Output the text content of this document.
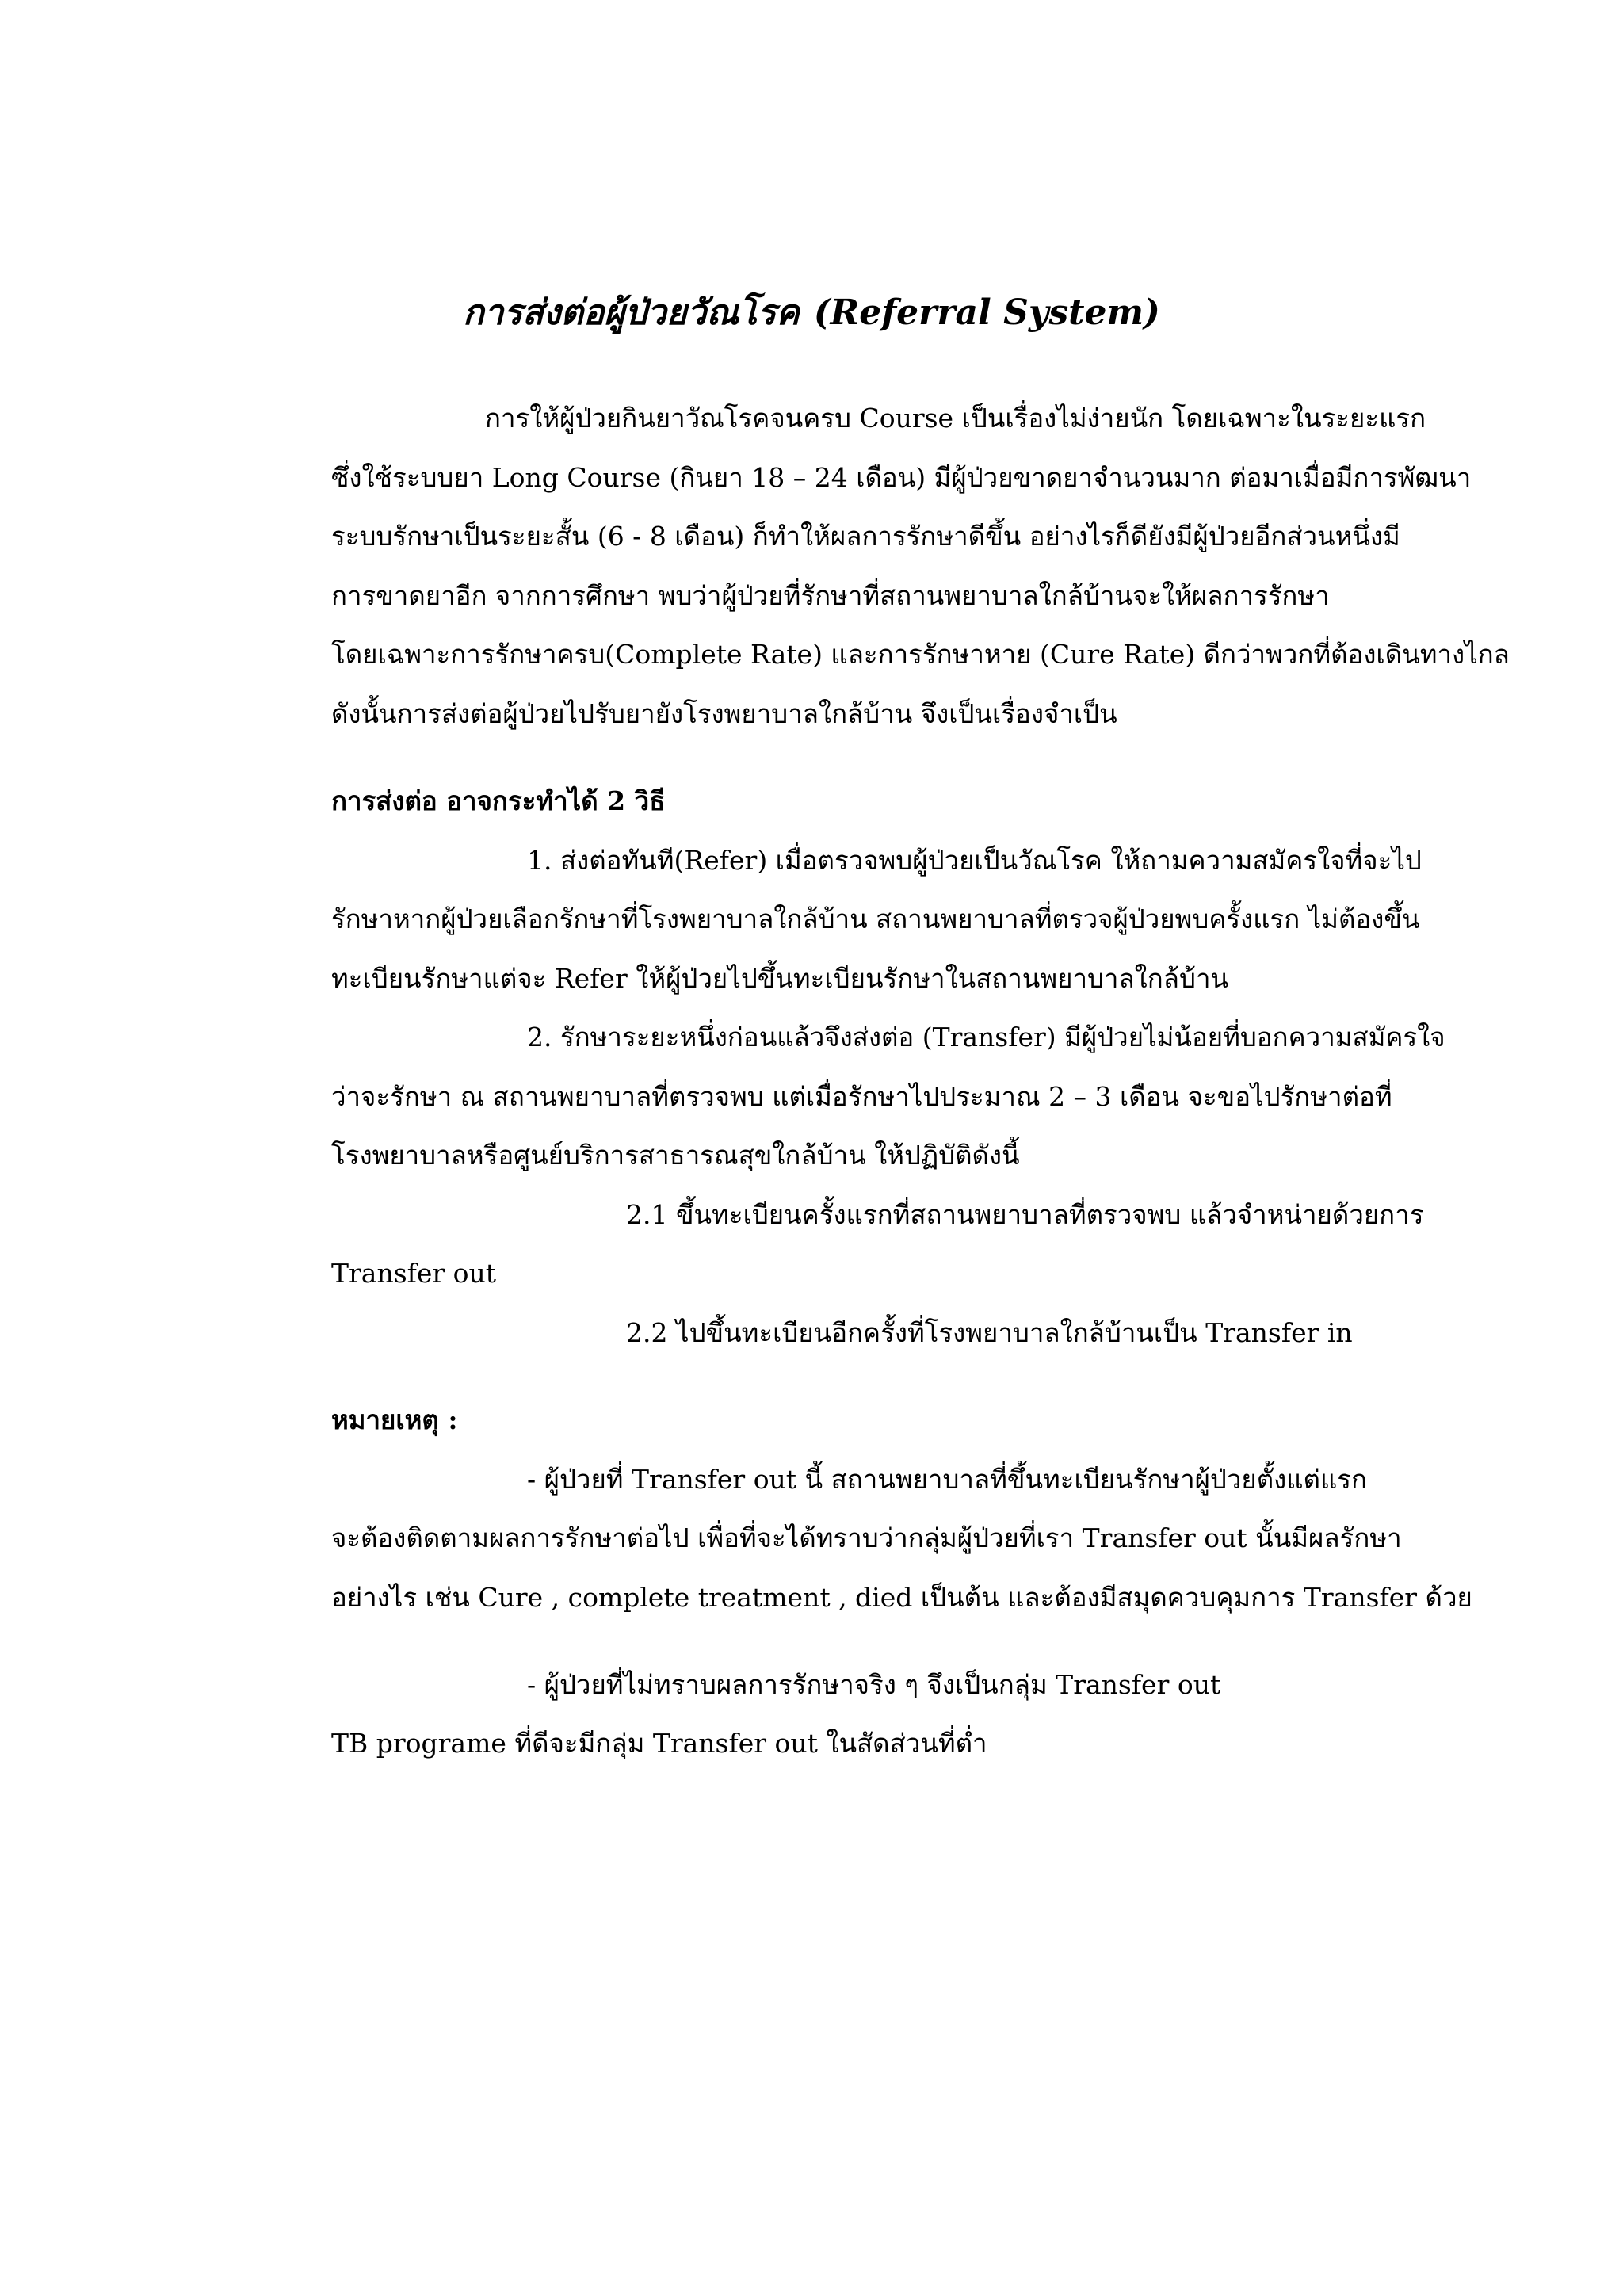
การส่งต่อผู้ป่วยวัณโรค (Referral System)
การให้ผู้ป่วยกินยาวัณโรคจนครบ Course เป็นเรื่องไม่ง่ายนัก โดยเฉพาะในระยะแรก
ซึ่งใช้ระบบยา Long Course (กินยา 18 – 24 เดือน) มีผู้ป่วยขาดยาจำนวนมาก ต่อมาเมื่อมีการพัฒนา
ระบบรักษาเป็นระยะสั้น (6 - 8 เดือน) ก็ทำให้ผลการรักษาดีขึ้น อย่างไรก็ดียังมีผู้ป่วยอีกส่วนหนึ่งมี
การขาดยาอีก จากการศึกษา พบว่าผู้ป่วยที่รักษาที่สถานพยาบาลใกล้บ้านจะให้ผลการรักษา
โดยเฉพาะการรักษาครบ(Complete Rate) และการรักษาหาย (Cure Rate) ดีกว่าพวกที่ต้องเดินทางไกล
ดังนั้นการส่งต่อผู้ป่วยไปรับยายังโรงพยาบาลใกล้บ้าน จึงเป็นเรื่องจำเป็น
การส่งต่อ อาจกระทำได้ 2 วิธี
1. ส่งต่อทันที(Refer) เมื่อตรวจพบผู้ป่วยเป็นวัณโรค ให้ถามความสมัครใจที่จะไป
รักษาหากผู้ป่วยเลือกรักษาที่โรงพยาบาลใกล้บ้าน สถานพยาบาลที่ตรวจผู้ป่วยพบครั้งแรก ไม่ต้องขึ้น
ทะเบียนรักษาแต่จะ Refer ให้ผู้ป่วยไปขึ้นทะเบียนรักษาในสถานพยาบาลใกล้บ้าน
2. รักษาระยะหนึ่งก่อนแล้วจึงส่งต่อ (Transfer) มีผู้ป่วยไม่น้อยที่บอกความสมัครใจ
ว่าจะรักษา ณ สถานพยาบาลที่ตรวจพบ แต่เมื่อรักษาไปประมาณ 2 – 3 เดือน จะขอไปรักษาต่อที่
โรงพยาบาลหรือศูนย์บริการสาธารณสุขใกล้บ้าน ให้ปฏิบัติดังนี้
2.1 ขึ้นทะเบียนครั้งแรกที่สถานพยาบาลที่ตรวจพบ แล้วจำหน่ายด้วยการ
Transfer out
2.2 ไปขึ้นทะเบียนอีกครั้งที่โรงพยาบาลใกล้บ้านเป็น Transfer in
หมายเหตุ :
- ผู้ป่วยที่ Transfer out นี้ สถานพยาบาลที่ขึ้นทะเบียนรักษาผู้ป่วยตั้งแต่แรก
จะต้องติดตามผลการรักษาต่อไป เพื่อที่จะได้ทราบว่ากลุ่มผู้ป่วยที่เรา Transfer out นั้นมีผลรักษา
อย่างไร เช่น Cure , complete treatment , died เป็นต้น และต้องมีสมุดควบคุมการ Transfer ด้วย
- ผู้ป่วยที่ไม่ทราบผลการรักษาจริง ๆ จึงเป็นกลุ่ม Transfer out
TB programe ที่ดีจะมีกลุ่ม Transfer out ในสัดส่วนที่ต่ำ
